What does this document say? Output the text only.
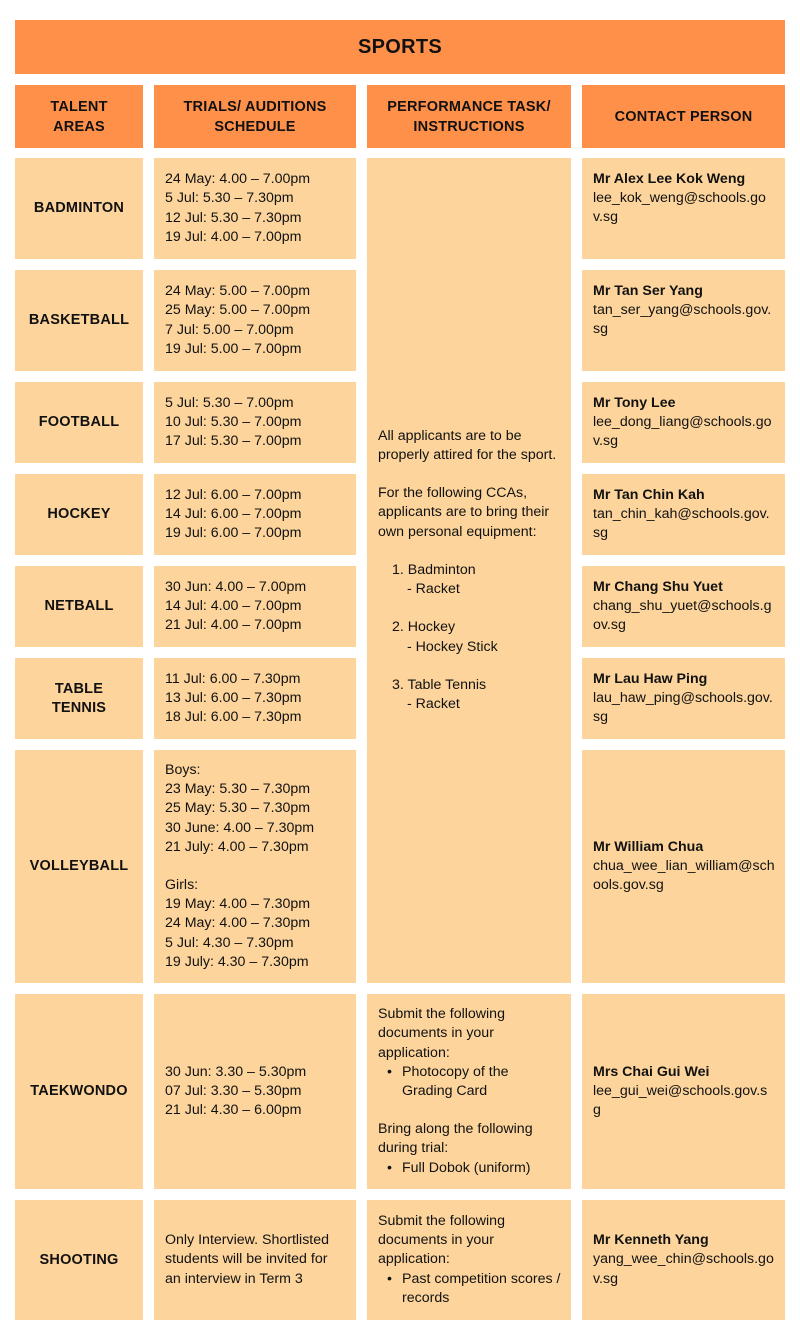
SPORTS
TALENT AREAS
TRIALS/ AUDITIONS SCHEDULE
PERFORMANCE TASK/ INSTRUCTIONS
CONTACT PERSON
BADMINTON
24 May: 4.00 – 7.00pm
5 Jul: 5.30 – 7.30pm
12 Jul: 5.30 – 7.30pm
19 Jul: 4.00 – 7.00pm
Mr Alex Lee Kok Weng
lee_kok_weng@schools.gov.sg
BASKETBALL
24 May: 5.00 – 7.00pm
25 May: 5.00 – 7.00pm
7 Jul: 5.00 – 7.00pm
19 Jul: 5.00 – 7.00pm
Mr Tan Ser Yang
tan_ser_yang@schools.gov.sg
FOOTBALL
5 Jul: 5.30 – 7.00pm
10 Jul: 5.30 – 7.00pm
17 Jul: 5.30 – 7.00pm
Mr Tony Lee
lee_dong_liang@schools.gov.sg
HOCKEY
12 Jul: 6.00 – 7.00pm
14 Jul: 6.00 – 7.00pm
19 Jul: 6.00 – 7.00pm
Mr Tan Chin Kah
tan_chin_kah@schools.gov.sg
NETBALL
30 Jun: 4.00 – 7.00pm
14 Jul: 4.00 – 7.00pm
21 Jul: 4.00 – 7.00pm
Mr Chang Shu Yuet
chang_shu_yuet@schools.gov.sg
TABLE TENNIS
11 Jul: 6.00 – 7.30pm
13 Jul: 6.00 – 7.30pm
18 Jul: 6.00 – 7.30pm
Mr Lau Haw Ping
lau_haw_ping@schools.gov.sg
VOLLEYBALL
Boys:
23 May: 5.30 – 7.30pm
25 May: 5.30 – 7.30pm
30 June: 4.00 – 7.30pm
21 July: 4.00 – 7.30pm
Girls:
19 May: 4.00 – 7.30pm
24 May: 4.00 – 7.30pm
5 Jul: 4.30 – 7.30pm
19 July: 4.30 – 7.30pm
Mr William Chua
chua_wee_lian_william@schools.gov.sg
All applicants are to be properly attired for the sport.
For the following CCAs, applicants are to bring their own personal equipment:
1. Badminton
- Racket
2. Hockey
- Hockey Stick
3. Table Tennis
- Racket
TAEKWONDO
30 Jun: 3.30 – 5.30pm
07 Jul: 3.30 – 5.30pm
21 Jul: 4.30 – 6.00pm
Submit the following documents in your application:
• Photocopy of the Grading Card
Bring along the following during trial:
• Full Dobok (uniform)
Mrs Chai Gui Wei
lee_gui_wei@schools.gov.sg
SHOOTING
Only Interview. Shortlisted students will be invited for an interview in Term 3
Submit the following documents in your application:
• Past competition scores / records
Mr Kenneth Yang
yang_wee_chin@schools.gov.sg
